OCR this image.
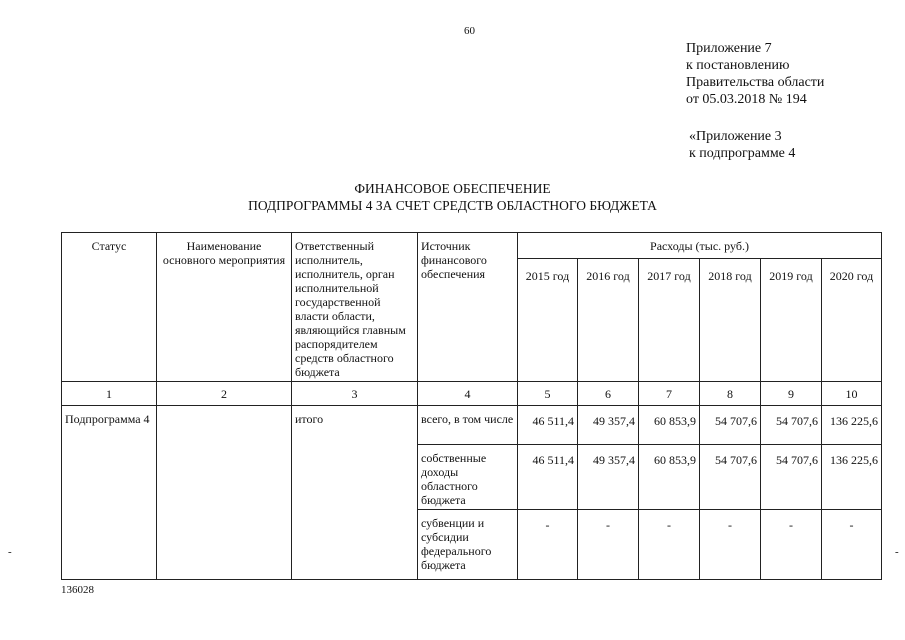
60
Приложение 7
к постановлению
Правительства области
от 05.03.2018 № 194
«Приложение 3
к подпрограмме 4
ФИНАНСОВОЕ ОБЕСПЕЧЕНИЕ
ПОДПРОГРАММЫ 4 ЗА СЧЕТ СРЕДСТВ ОБЛАСТНОГО БЮДЖЕТА
Статус	Наименование основного мероприятия	Ответственный исполнитель, исполнитель, орган исполнительной государственной власти области, являющийся главным распорядителем средств областного бюджета	Источник финансового обеспечения	Расходы (тыс. руб.)					
				2015 год	2016 год	2017 год	2018 год	2019 год	2020 год
1	2	3	4	5	6	7	8	9	10
Подпрограмма 4		итого	всего, в том числе	46 511,4	49 357,4	60 853,9	54 707,6	54 707,6	136 225,6
			собственные доходы областного бюджета	46 511,4	49 357,4	60 853,9	54 707,6	54 707,6	136 225,6
			субвенции и субсидии федерального бюджета	-	-	-	-	-	-
136028
-	-
